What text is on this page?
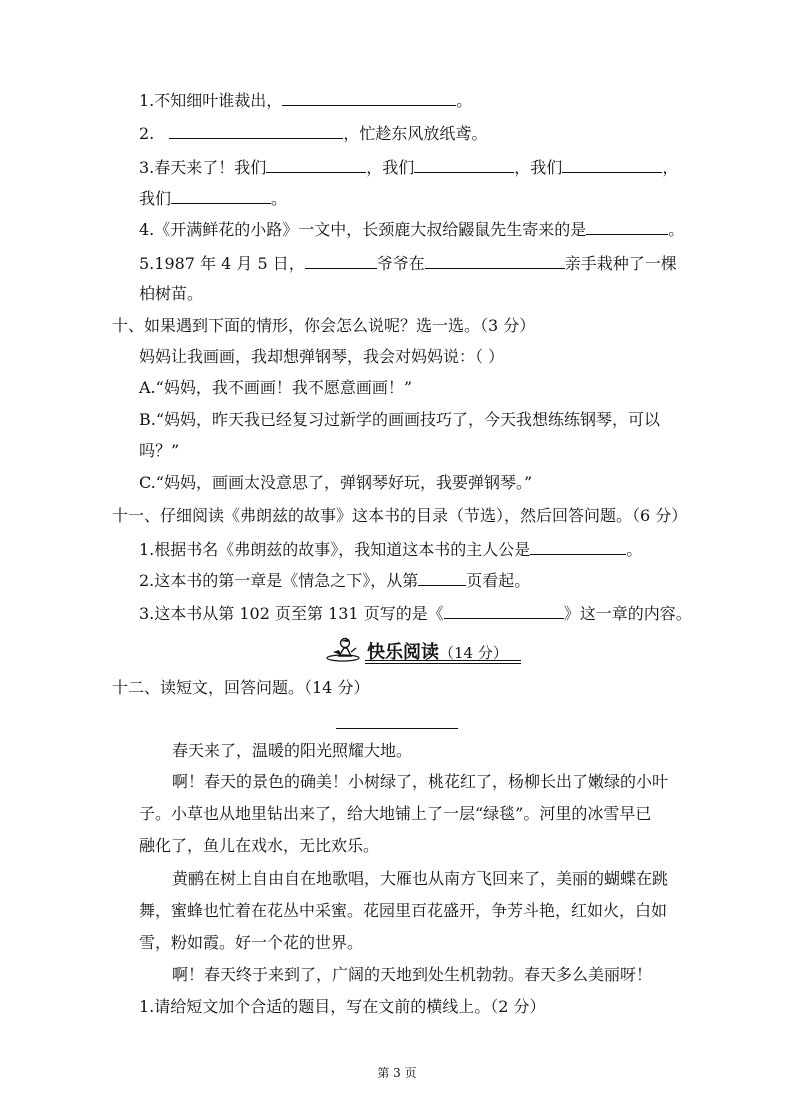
1.不知细叶谁裁出，	。
2.	，忙趁东风放纸鸢。
3.春天来了！我们	，我们	，我们	，
我们	。
4.《开满鲜花的小路》一文中，长颈鹿大叔给鼹鼠先生寄来的是	。
5.1987 年 4 月 5 日，	爷爷在	亲手栽种了一棵
柏树苗。
十、如果遇到下面的情形，你会怎么说呢？选一选。（3 分）
妈妈让我画画，我却想弹钢琴，我会对妈妈说：（ ）
A.“妈妈，我不画画！我不愿意画画！”
B.“妈妈，昨天我已经复习过新学的画画技巧了，今天我想练练钢琴，可以
吗？”
C.“妈妈，画画太没意思了，弹钢琴好玩，我要弹钢琴。”
十一、仔细阅读《弗朗兹的故事》这本书的目录（节选），然后回答问题。（6 分）
1.根据书名《弗朗兹的故事》，我知道这本书的主人公是	。
2.这本书的第一章是《情急之下》，从第	页看起。
3.这本书从第 102 页至第 131 页写的是《	》这一章的内容。
快乐阅读（14 分）
十二、读短文，回答问题。（14 分）
春天来了，温暖的阳光照耀大地。
啊！春天的景色的确美！小树绿了，桃花红了，杨柳长出了嫩绿的小叶
子。小草也从地里钻出来了，给大地铺上了一层“绿毯”。河里的冰雪早已
融化了，鱼儿在戏水，无比欢乐。
黄鹂在树上自由自在地歌唱，大雁也从南方飞回来了，美丽的蝴蝶在跳
舞，蜜蜂也忙着在花丛中采蜜。花园里百花盛开，争芳斗艳，红如火，白如
雪，粉如霞。好一个花的世界。
啊！春天终于来到了，广阔的天地到处生机勃勃。春天多么美丽呀！
1.请给短文加个合适的题目，写在文前的横线上。（2 分）
第 3 页
